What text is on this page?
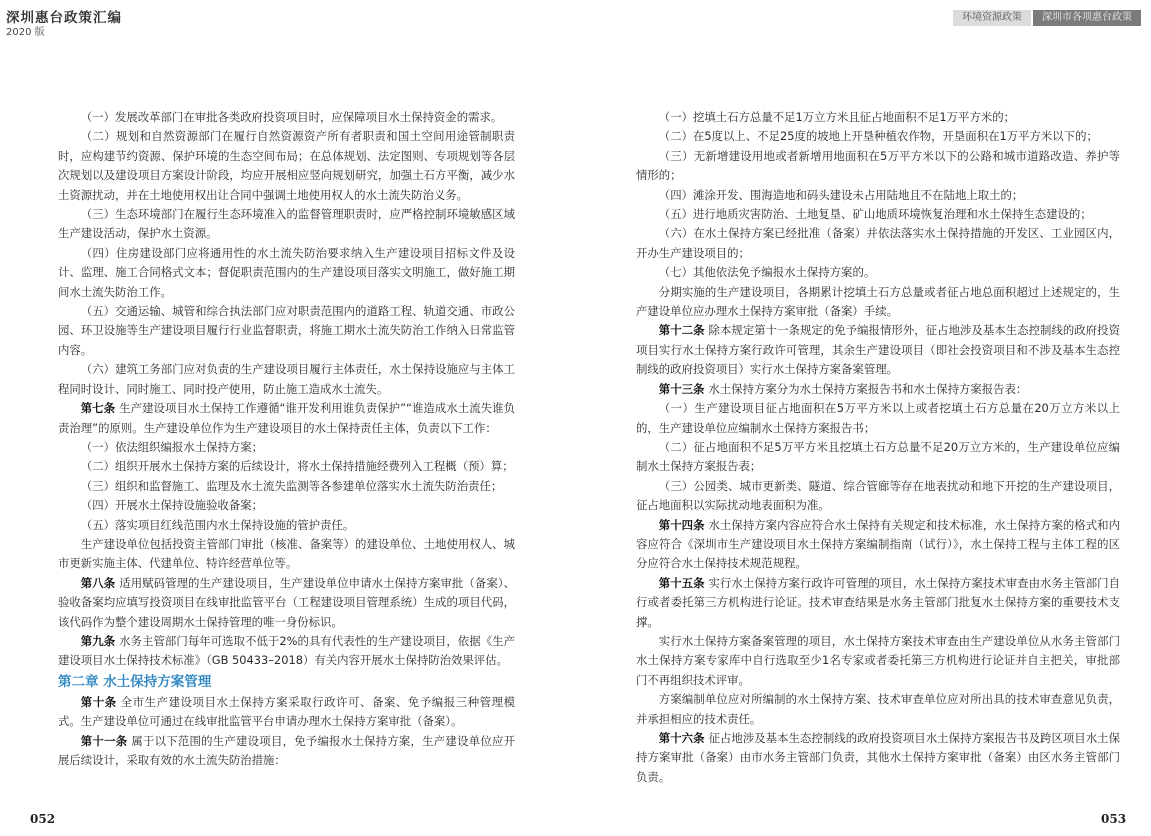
深圳惠台政策汇编
2020 版
环境资源政策	深圳市各项惠台政策

（一）发展改革部门在审批各类政府投资项目时，应保障项目水土保持资金的需求。

（二）规划和自然资源部门在履行自然资源资产所有者职责和国土空间用途管制职责时，应构建节约资源、保护环境的生态空间布局；在总体规划、法定图则、专项规划等各层次规划以及建设项目方案设计阶段，均应开展相应竖向规划研究，加强土石方平衡，减少水土资源扰动，并在土地使用权出让合同中强调土地使用权人的水土流失防治义务。

（三）生态环境部门在履行生态环境准入的监督管理职责时，应严格控制环境敏感区域生产建设活动，保护水土资源。

（四）住房建设部门应将通用性的水土流失防治要求纳入生产建设项目招标文件及设计、监理、施工合同格式文本；督促职责范围内的生产建设项目落实文明施工，做好施工期间水土流失防治工作。

（五）交通运输、城管和综合执法部门应对职责范围内的道路工程、轨道交通、市政公园、环卫设施等生产建设项目履行行业监督职责，将施工期水土流失防治工作纳入日常监管内容。

（六）建筑工务部门应对负责的生产建设项目履行主体责任，水土保持设施应与主体工程同时设计、同时施工、同时投产使用，防止施工造成水土流失。

第七条 生产建设项目水土保持工作遵循“谁开发利用谁负责保护”“谁造成水土流失谁负责治理”的原则。生产建设单位作为生产建设项目的水土保持责任主体，负责以下工作：

（一）依法组织编报水土保持方案；

（二）组织开展水土保持方案的后续设计，将水土保持措施经费列入工程概（预）算；

（三）组织和监督施工、监理及水土流失监测等各参建单位落实水土流失防治责任；

（四）开展水土保持设施验收备案；

（五）落实项目红线范围内水土保持设施的管护责任。

生产建设单位包括投资主管部门审批（核准、备案等）的建设单位、土地使用权人、城市更新实施主体、代建单位、特许经营单位等。

第八条 适用赋码管理的生产建设项目，生产建设单位申请水土保持方案审批（备案）、验收备案均应填写投资项目在线审批监管平台（工程建设项目管理系统）生成的项目代码，该代码作为整个建设周期水土保持管理的唯一身份标识。

第九条 水务主管部门每年可选取不低于2%的具有代表性的生产建设项目，依据《生产建设项目水土保持技术标准》（GB 50433–2018）有关内容开展水土保持防治效果评估。

第二章 水土保持方案管理

第十条 全市生产建设项目水土保持方案采取行政许可、备案、免予编报三种管理模式。生产建设单位可通过在线审批监管平台申请办理水土保持方案审批（备案）。

第十一条 属于以下范围的生产建设项目，免予编报水土保持方案，生产建设单位应开展后续设计，采取有效的水土流失防治措施：

（一）挖填土石方总量不足1万立方米且征占地面积不足1万平方米的；

（二）在5度以上、不足25度的坡地上开垦种植农作物，开垦面积在1万平方米以下的；

（三）无新增建设用地或者新增用地面积在5万平方米以下的公路和城市道路改造、养护等情形的；

（四）滩涂开发、围海造地和码头建设未占用陆地且不在陆地上取土的；

（五）进行地质灾害防治、土地复垦、矿山地质环境恢复治理和水土保持生态建设的；

（六）在水土保持方案已经批准（备案）并依法落实水土保持措施的开发区、工业园区内，开办生产建设项目的；

（七）其他依法免予编报水土保持方案的。

分期实施的生产建设项目，各期累计挖填土石方总量或者征占地总面积超过上述规定的，生产建设单位应办理水土保持方案审批（备案）手续。

第十二条 除本规定第十一条规定的免予编报情形外，征占地涉及基本生态控制线的政府投资项目实行水土保持方案行政许可管理，其余生产建设项目（即社会投资项目和不涉及基本生态控制线的政府投资项目）实行水土保持方案备案管理。

第十三条 水土保持方案分为水土保持方案报告书和水土保持方案报告表：

（一）生产建设项目征占地面积在5万平方米以上或者挖填土石方总量在20万立方米以上的，生产建设单位应编制水土保持方案报告书；

（二）征占地面积不足5万平方米且挖填土石方总量不足20万立方米的，生产建设单位应编制水土保持方案报告表；

（三）公园类、城市更新类、隧道、综合管廊等存在地表扰动和地下开挖的生产建设项目，征占地面积以实际扰动地表面积为准。

第十四条 水土保持方案内容应符合水土保持有关规定和技术标准，水土保持方案的格式和内容应符合《深圳市生产建设项目水土保持方案编制指南（试行）》，水土保持工程与主体工程的区分应符合水土保持技术规范规程。

第十五条 实行水土保持方案行政许可管理的项目，水土保持方案技术审查由水务主管部门自行或者委托第三方机构进行论证。技术审查结果是水务主管部门批复水土保持方案的重要技术支撑。

实行水土保持方案备案管理的项目，水土保持方案技术审查由生产建设单位从水务主管部门水土保持方案专家库中自行选取至少1名专家或者委托第三方机构进行论证并自主把关，审批部门不再组织技术评审。

方案编制单位应对所编制的水土保持方案、技术审查单位应对所出具的技术审查意见负责，并承担相应的技术责任。

第十六条 征占地涉及基本生态控制线的政府投资项目水土保持方案报告书及跨区项目水土保持方案审批（备案）由市水务主管部门负责，其他水土保持方案审批（备案）由区水务主管部门负责。

052	053
